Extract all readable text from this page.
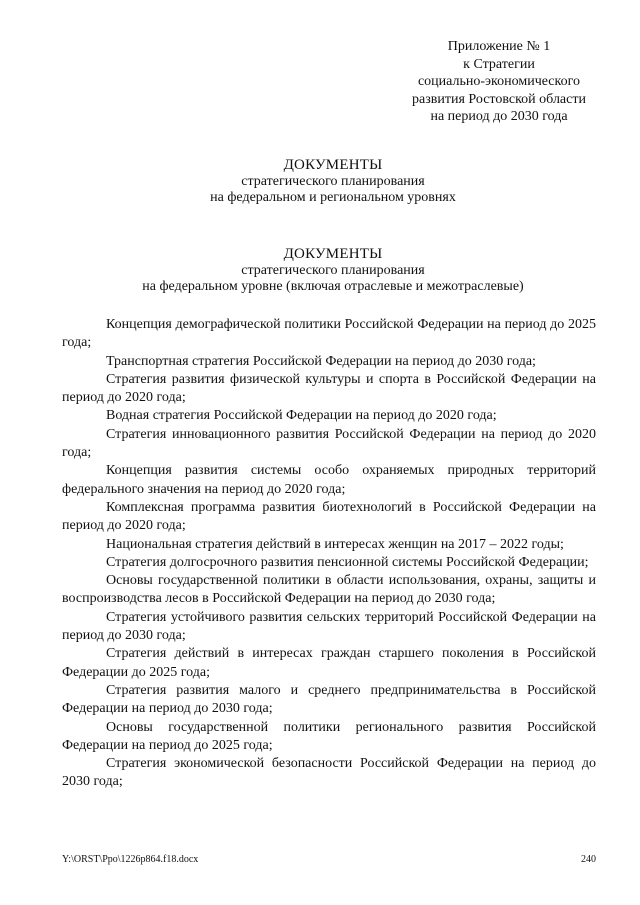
Приложение № 1
к Стратегии
социально-экономического
развития Ростовской области
на период до 2030 года
ДОКУМЕНТЫ
стратегического планирования
на федеральном и региональном уровнях
ДОКУМЕНТЫ
стратегического планирования
на федеральном уровне (включая отраслевые и межотраслевые)

Концепция демографической политики Российской Федерации на период до 2025 года;

Транспортная стратегия Российской Федерации на период до 2030 года;

Стратегия развития физической культуры и спорта в Российской Федерации на период до 2020 года;

Водная стратегия Российской Федерации на период до 2020 года;

Стратегия инновационного развития Российской Федерации на период до 2020 года;

Концепция развития системы особо охраняемых природных территорий федерального значения на период до 2020 года;

Комплексная программа развития биотехнологий в Российской Федерации на период до 2020 года;

Национальная стратегия действий в интересах женщин на 2017 – 2022 годы;

Стратегия долгосрочного развития пенсионной системы Российской Федерации;

Основы государственной политики в области использования, охраны, защиты и воспроизводства лесов в Российской Федерации на период до 2030 года;

Стратегия устойчивого развития сельских территорий Российской Федерации на период до 2030 года;

Стратегия действий в интересах граждан старшего поколения в Российской Федерации до 2025 года;

Стратегия развития малого и среднего предпринимательства в Российской Федерации на период до 2030 года;

Основы государственной политики регионального развития Российской Федерации на период до 2025 года;

Стратегия экономической безопасности Российской Федерации на период до 2030 года;

Y:\ORST\Ppo\1226p864.f18.docx	240
